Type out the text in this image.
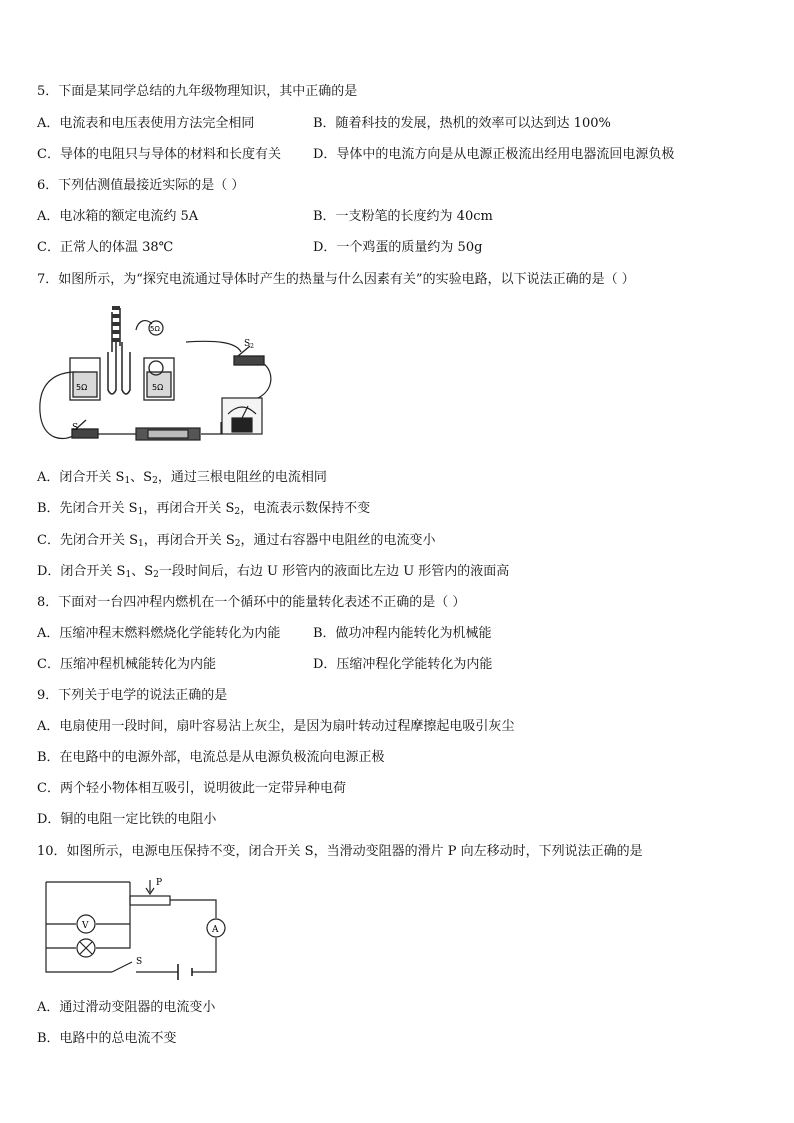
5．下面是某同学总结的九年级物理知识，其中正确的是
A．电流表和电压表使用方法完全相同	B．随着科技的发展，热机的效率可以达到达 100%
C．导体的电阻只与导体的材料和长度有关 D．导体中的电流方向是从电源正极流出经用电器流回电源负极
6．下列估测值最接近实际的是（ ）
A．电冰箱的额定电流约 5A	B．一支粉笔的长度约为 40cm
C．正常人的体温 38℃	D．一个鸡蛋的质量约为 50g
7．如图所示，为“探究电流通过导体时产生的热量与什么因素有关”的实验电路，以下说法正确的是（ ）
5Ω	5Ω
5Ω
$S_2$
S
A．闭合开关 $S_1$、$S_2$，通过三根电阻丝的电流相同
B．先闭合开关 $S_1$，再闭合开关 $S_2$，电流表示数保持不变
C．先闭合开关 $S_1$，再闭合开关 $S_2$，通过右容器中电阻丝的电流变小
D．闭合开关 $S_1$、$S_2$一段时间后，右边 U 形管内的液面比左边 U 形管内的液面高
8．下面对一台四冲程内燃机在一个循环中的能量转化表述不正确的是（ ）
A．压缩冲程末燃料燃烧化学能转化为内能	B．做功冲程内能转化为机械能
C．压缩冲程机械能转化为内能	D．压缩冲程化学能转化为内能
9．下列关于电学的说法正确的是
A．电扇使用一段时间，扇叶容易沾上灰尘，是因为扇叶转动过程摩擦起电吸引灰尘
B．在电路中的电源外部，电流总是从电源负极流向电源正极
C．两个轻小物体相互吸引，说明彼此一定带异种电荷
D．铜的电阻一定比铁的电阻小
10．如图所示，电源电压保持不变，闭合开关 S，当滑动变阻器的滑片 P 向左移动时，下列说法正确的是
P
V	A
S
A．通过滑动变阻器的电流变小
B．电路中的总电流不变
